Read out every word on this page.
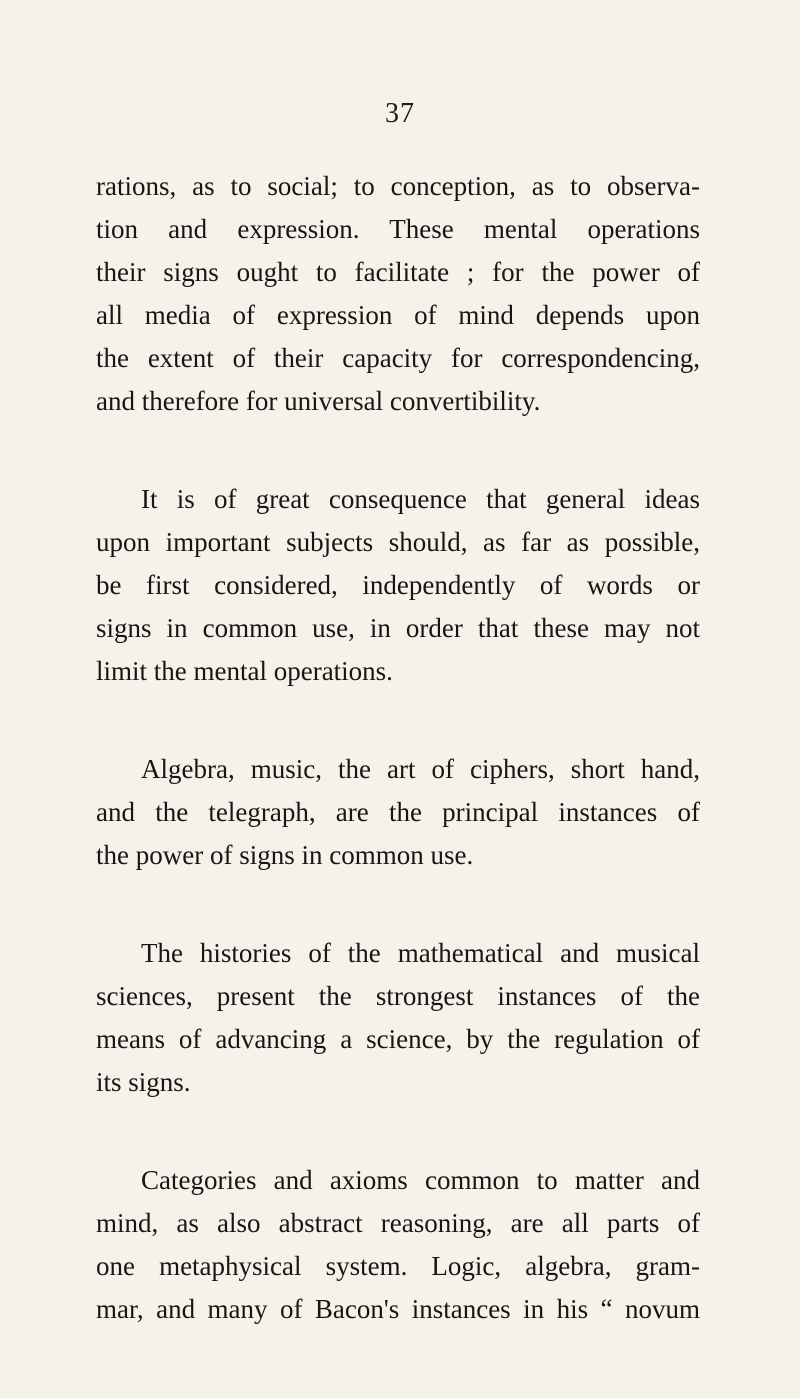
37
rations, as to social; to conception, as to observa-
tion and expression. These mental operations
their signs ought to facilitate ; for the power of
all media of expression of mind depends upon
the extent of their capacity for correspondencing,
and therefore for universal convertibility.
It is of great consequence that general ideas
upon important subjects should, as far as possible,
be first considered, independently of words or
signs in common use, in order that these may not
limit the mental operations.
Algebra, music, the art of ciphers, short hand,
and the telegraph, are the principal instances of
the power of signs in common use.
The histories of the mathematical and musical
sciences, present the strongest instances of the
means of advancing a science, by the regulation of
its signs.
Categories and axioms common to matter and
mind, as also abstract reasoning, are all parts of
one metaphysical system. Logic, algebra, gram-
mar, and many of Bacon's instances in his “ novum
